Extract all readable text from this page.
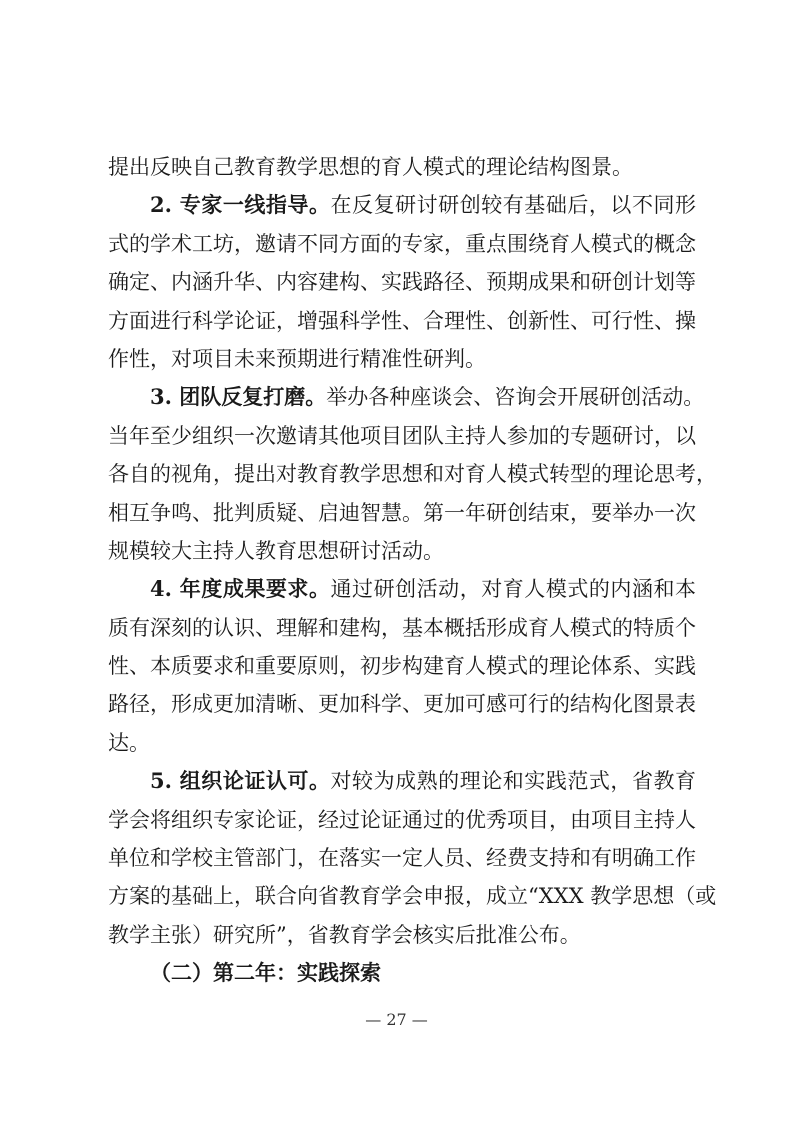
提出反映自己教育教学思想的育人模式的理论结构图景。
2. 专家一线指导。在反复研讨研创较有基础后，以不同形
式的学术工坊，邀请不同方面的专家，重点围绕育人模式的概念
确定、内涵升华、内容建构、实践路径、预期成果和研创计划等
方面进行科学论证，增强科学性、合理性、创新性、可行性、操
作性，对项目未来预期进行精准性研判。
3. 团队反复打磨。举办各种座谈会、咨询会开展研创活动。
当年至少组织一次邀请其他项目团队主持人参加的专题研讨，以
各自的视角，提出对教育教学思想和对育人模式转型的理论思考，
相互争鸣、批判质疑、启迪智慧。第一年研创结束，要举办一次
规模较大主持人教育思想研讨活动。
4. 年度成果要求。通过研创活动，对育人模式的内涵和本
质有深刻的认识、理解和建构，基本概括形成育人模式的特质个
性、本质要求和重要原则，初步构建育人模式的理论体系、实践
路径，形成更加清晰、更加科学、更加可感可行的结构化图景表
达。
5. 组织论证认可。对较为成熟的理论和实践范式，省教育
学会将组织专家论证，经过论证通过的优秀项目，由项目主持人
单位和学校主管部门，在落实一定人员、经费支持和有明确工作
方案的基础上，联合向省教育学会申报，成立“XXX 教学思想（或
教学主张）研究所”，省教育学会核实后批准公布。
（二）第二年：实践探索
— 27 —
